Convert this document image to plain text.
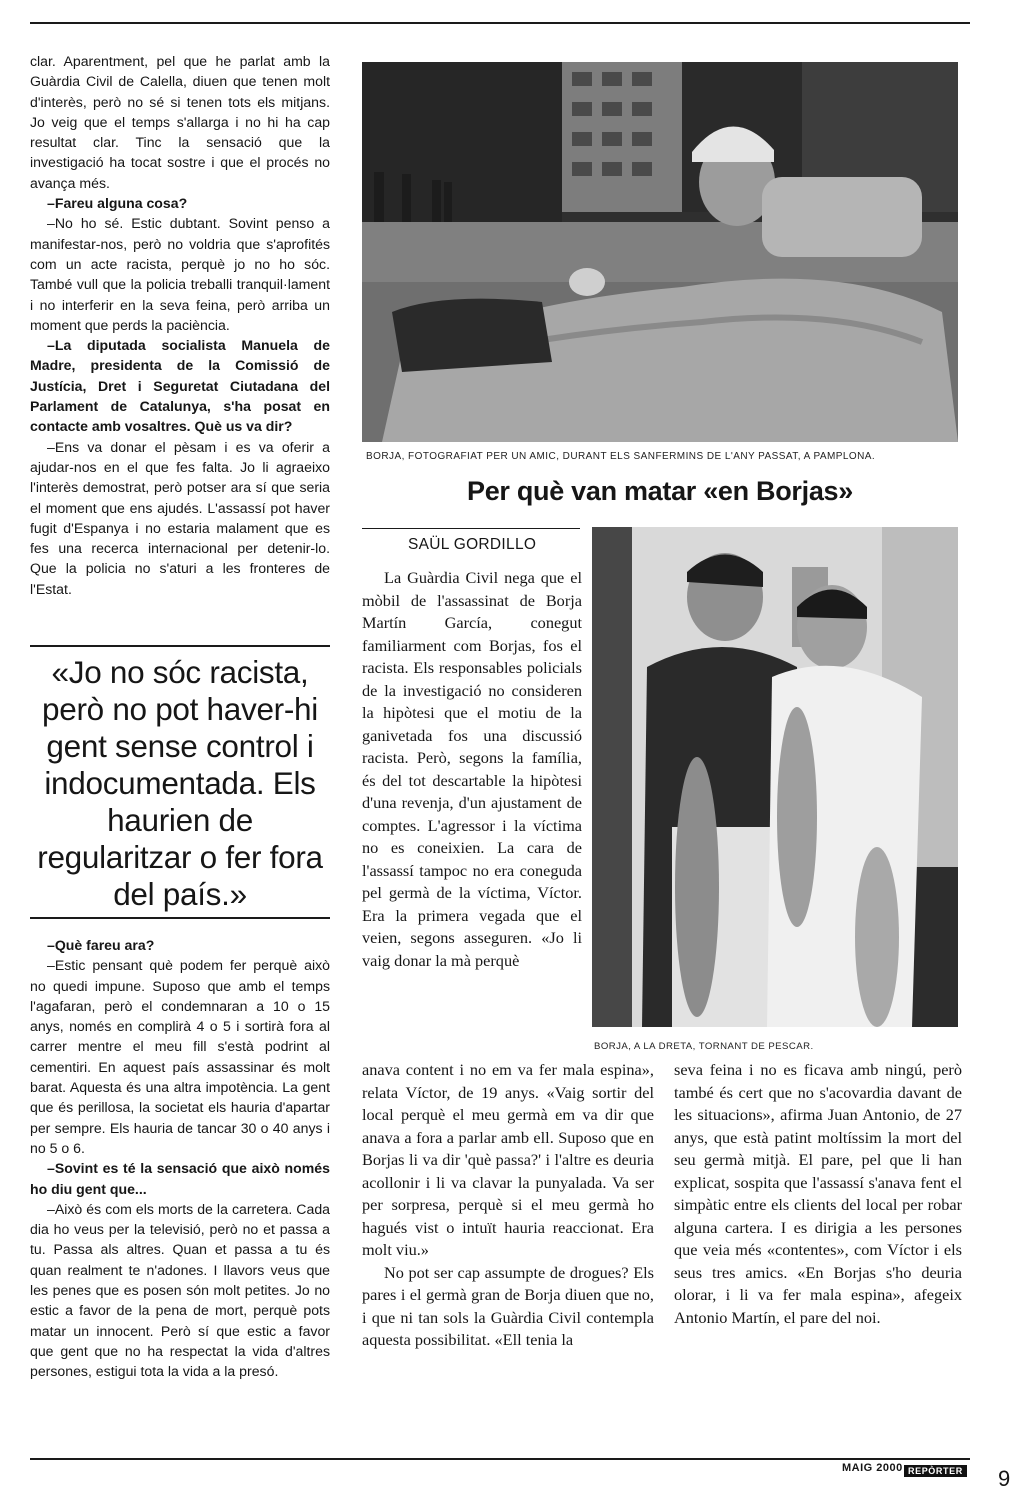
clar. Aparentment, pel que he parlat amb la Guàrdia Civil de Calella, diuen que tenen molt d'interès, però no sé si tenen tots els mitjans. Jo veig que el temps s'allarga i no hi ha cap resultat clar. Tinc la sensació que la investigació ha tocat sostre i que el procés no avança més.

–Fareu alguna cosa?

–No ho sé. Estic dubtant. Sovint penso a manifestar-nos, però no voldria que s'aprofités com un acte racista, perquè jo no ho sóc. També vull que la policia treballi tranquil·lament i no interferir en la seva feina, però arriba un moment que perds la paciència.

–La diputada socialista Manuela de Madre, presidenta de la Comissió de Justícia, Dret i Seguretat Ciutadana del Parlament de Catalunya, s'ha posat en contacte amb vosaltres. Què us va dir?

–Ens va donar el pèsam i es va oferir a ajudar-nos en el que fes falta. Jo li agraeixo l'interès demostrat, però potser ara sí que seria el moment que ens ajudés. L'assassí pot haver fugit d'Espanya i no estaria malament que es fes una recerca internacional per detenir-lo. Que la policia no s'aturi a les fronteres de l'Estat.

«Jo no sóc racista, però no pot haver-hi gent sense control i indocumentada. Els haurien de regularitzar o fer fora del país.»

–Què fareu ara?

–Estic pensant què podem fer perquè això no quedi impune. Suposo que amb el temps l'agafaran, però el condemnaran a 10 o 15 anys, només en complirà 4 o 5 i sortirà fora al carrer mentre el meu fill s'està podrint al cementiri. En aquest país assassinar és molt barat. Aquesta és una altra impotència. La gent que és perillosa, la societat els hauria d'apartar per sempre. Els hauria de tancar 30 o 40 anys i no 5 o 6.

–Sovint es té la sensació que això només ho diu gent que...

–Això és com els morts de la carretera. Cada dia ho veus per la televisió, però no et passa a tu. Passa als altres. Quan et passa a tu és quan realment te n'adones. I llavors veus que les penes que es posen són molt petites. Jo no estic a favor de la pena de mort, perquè pots matar un innocent. Però sí que estic a favor que gent que no ha respectat la vida d'altres persones, estigui tota la vida a la presó.

BORJA, FOTOGRAFIAT PER UN AMIC, DURANT ELS SANFERMINS DE L'ANY PASSAT, A PAMPLONA.
Per què van matar «en Borjas»
SAÜL GORDILLO

La Guàrdia Civil nega que el mòbil de l'assassinat de Borja Martín García, conegut familiarment com Borjas, fos el racista. Els responsables policials de la investigació no consideren la hipòtesi que el motiu de la ganivetada fos una discussió racista. Però, segons la família, és del tot descartable la hipòtesi d'una revenja, d'un ajustament de comptes. L'agressor i la víctima no es coneixien. La cara de l'assassí tampoc no era coneguda pel germà de la víctima, Víctor. Era la primera vegada que el veien, segons asseguren. «Jo li vaig donar la mà perquè

BORJA, A LA DRETA, TORNANT DE PESCAR.

anava content i no em va fer mala espina», relata Víctor, de 19 anys. «Vaig sortir del local perquè el meu germà em va dir que anava a fora a parlar amb ell. Suposo que en Borjas li va dir 'què passa?' i l'altre es deuria acollonir i li va clavar la punyalada. Va ser per sorpresa, perquè si el meu germà ho hagués vist o intuït hauria reaccionat. Era molt viu.»

No pot ser cap assumpte de drogues? Els pares i el germà gran de Borja diuen que no, i que ni tan sols la Guàrdia Civil contempla aquesta possibilitat. «Ell tenia la

seva feina i no es ficava amb ningú, però també és cert que no s'acovardia davant de les situacions», afirma Juan Antonio, de 27 anys, que està patint moltíssim la mort del seu germà mitjà. El pare, pel que li han explicat, sospita que l'assassí s'anava fent el simpàtic entre els clients del local per robar alguna cartera. I es dirigia a les persones que veia més «contentes», com Víctor i els seus tres amics. «En Borjas s'ho deuria olorar, i li va fer mala espina», afegeix Antonio Martín, el pare del noi.

MAIG 2000 REPÒRTER 9
